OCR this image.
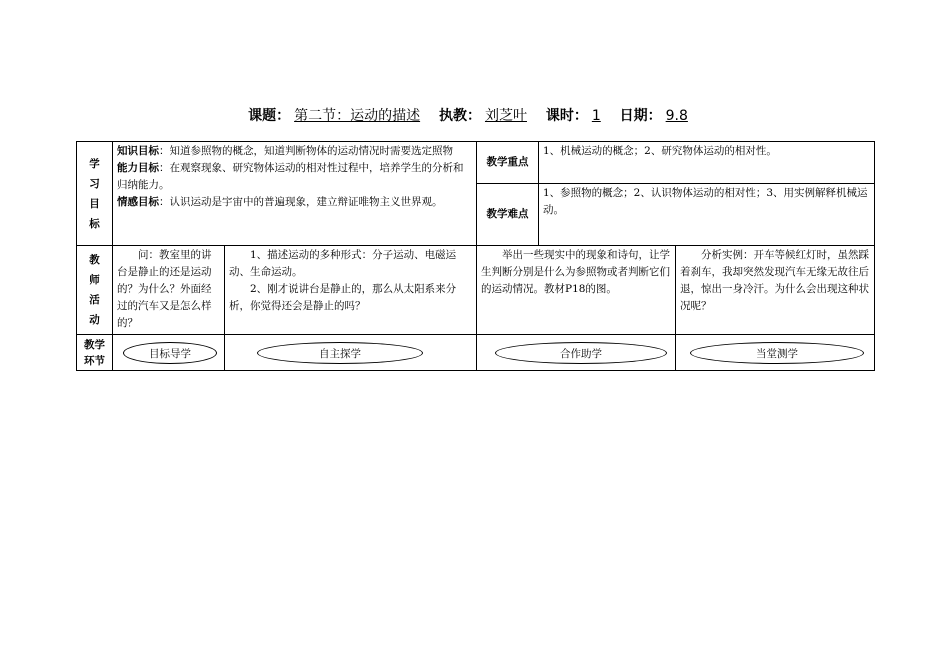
课题： 第二节：运动的描述 执教： 刘芝叶 课时： 1 日期： 9.8
学习目标	知识目标：知道参照物的概念，知道判断物体的运动情况时需要选定照物
能力目标：在观察现象、研究物体运动的相对性过程中，培养学生的分析和归纳能力。
情感目标：认识运动是宇宙中的普遍现象，建立辩证唯物主义世界观。		教学重点	1、机械运动的概念；2、研究物体运动的相对性。	
			教学难点	1、参照物的概念；2、认识物体运动的相对性；3、用实例解释机械运动。	
教师活动	问：教室里的讲台是静止的还是运动的？为什么？外面经过的汽车又是怎么样的？	1、描述运动的多种形式：分子运动、电磁运动、生命运动。
2、刚才说讲台是静止的，那么从太阳系来分析，你觉得还会是静止的吗？	举出一些现实中的现象和诗句，让学生判断分别是什么为参照物或者判断它们的运动情况。教材P18的图。		分析实例：开车等候红灯时，虽然踩着刹车，我却突然发现汽车无缘无故往后退，惊出一身冷汗。为什么会出现这种状况呢？
教学环节	目标导学	自主探学	合作助学		当堂测学
